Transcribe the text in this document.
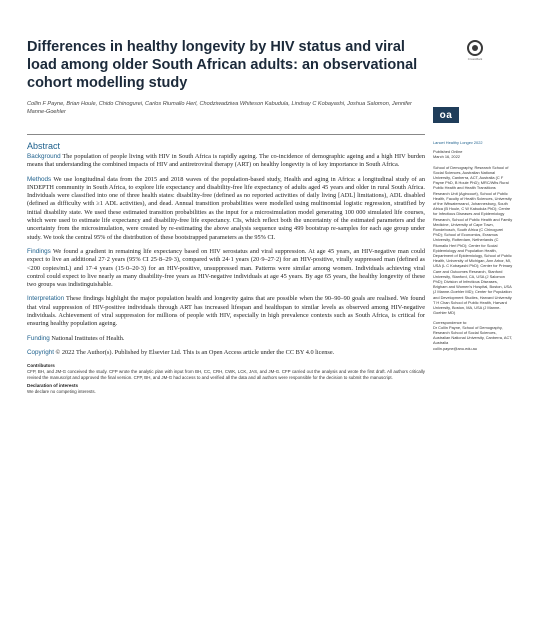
Differences in healthy longevity by HIV status and viral load among older South African adults: an observational cohort modelling study
CrossMark
Collin F Payne, Brian Houle, Chido Chinogurei, Carlos Riumallo Herl, Chodziwadziwa Whiteson Kabudula, Lindsay C Kobayashi, Joshua Salomon, Jennifer Manne-Goehler	oa
Abstract

Background The population of people living with HIV in South Africa is rapidly ageing. The co-incidence of demographic ageing and a high HIV burden means that understanding the combined impacts of HIV and antiretroviral therapy (ART) on healthy longevity is of key importance in South Africa.

Methods We use longitudinal data from the 2015 and 2018 waves of the population-based study, Health and aging in Africa: a longitudinal study of an INDEPTH community in South Africa, to explore life expectancy and disability-free life expectancy of adults aged 45 years and older in rural South Africa. Individuals were classified into one of three health states: disability-free (defined as no reported activities of daily living [ADL] limitations), ADL disabled (defined as difficulty with ≥1 ADL activities), and dead. Annual transition probabilities were modelled using multinomial logistic regression, stratified by initial disability state. We used these estimated transition probabilities as the input for a microsimulation model generating 100 000 simulated life courses, which were used to estimate life expectancy and disability-free life expectancy. CIs, which reflect both the uncertainty of the estimated parameters and the uncertainty from the microsimulation, were created by re-estimating the above analysis sequence using 499 bootstrap re-samples for each age group under study. We took the central 95% of the distribution of these bootstrapped parameters as the 95% CI.

Findings We found a gradient in remaining life expectancy based on HIV serostatus and viral suppression. At age 45 years, an HIV-negative man could expect to live an additional 27·2 years (95% CI 25·8–29·3), compared with 24·1 years (20·9–27·2) for an HIV-positive, virally suppressed man (defined as <200 copies/mL) and 17·4 years (15·0–20·3) for an HIV-positive, unsuppressed man. Patterns were similar among women. Individuals achieving viral control could expect to live nearly as many disability-free years as HIV-negative individuals at age 45 years. By age 65 years, the healthy longevity of these two groups was indistinguishable.

Interpretation These findings highlight the major population health and longevity gains that are possible when the 90–90–90 goals are realised. We found that viral suppression of HIV-positive individuals through ART has increased lifespan and healthspan to similar levels as observed among HIV-negative individuals. Achievement of viral suppression for millions of people with HIV, especially in high prevalence contexts such as South Africa, is critical for ensuring healthy population ageing.

Funding National Institutes of Health.

Copyright © 2022 The Author(s). Published by Elsevier Ltd. This is an Open Access article under the CC BY 4.0 license.

Contributors

CFP, BH, and JM-G conceived the study. CFP wrote the analytic plan with input from BH, CC, CRH, CWK, LCK, JAS, and JM-G. CFP carried out the analysis and wrote the first draft. All authors critically revised the manuscript and approved the final version. CFP, BH, and JM-G had access to and verified all the data and all authors were responsible for the decision to submit the manuscript.

Declaration of interests

We declare no competing interests.

Lancet Healthy Longev 2022
Published Online
March 16, 2022
School of Demography, Research School of Social Sciences, Australian National University, Canberra, ACT, Australia (C F Payne PhD, B Houle PhD); MRC/Wits Rural Public Health and Health Transitions Research Unit (Agincourt), School of Public Health, Faculty of Health Sciences, University of the Witwatersrand, Johannesburg, South Africa (B Houle, C W Kabudula PhD); Centre for Infectious Diseases and Epidemiology Research, School of Public Health and Family Medicine, University of Cape Town, Rondebosch, South Africa (C Chinogurei PhD); School of Economics, Erasmus University, Rotterdam, Netherlands (C Riumallo Herl PhD); Center for Social Epidemiology and Population Health, Department of Epidemiology, School of Public Health, University of Michigan, Ann Arbor, MI, USA (L C Kobayashi PhD); Center for Primary Care and Outcomes Research, Stanford University, Stanford, CA, USA (J Salomon PhD); Division of Infectious Diseases, Brigham and Women's Hospital, Boston, USA (J Manne-Goehler MD); Center for Population and Development Studies, Harvard University T H Chan School of Public Health, Harvard University, Boston, MA, USA (J Manne-Goehler MD)
Correspondence to:
Dr Collin Payne, School of Demography, Research School of Social Sciences, Australian National University, Canberra, ACT, Australia
collin.payne@anu.edu.au
